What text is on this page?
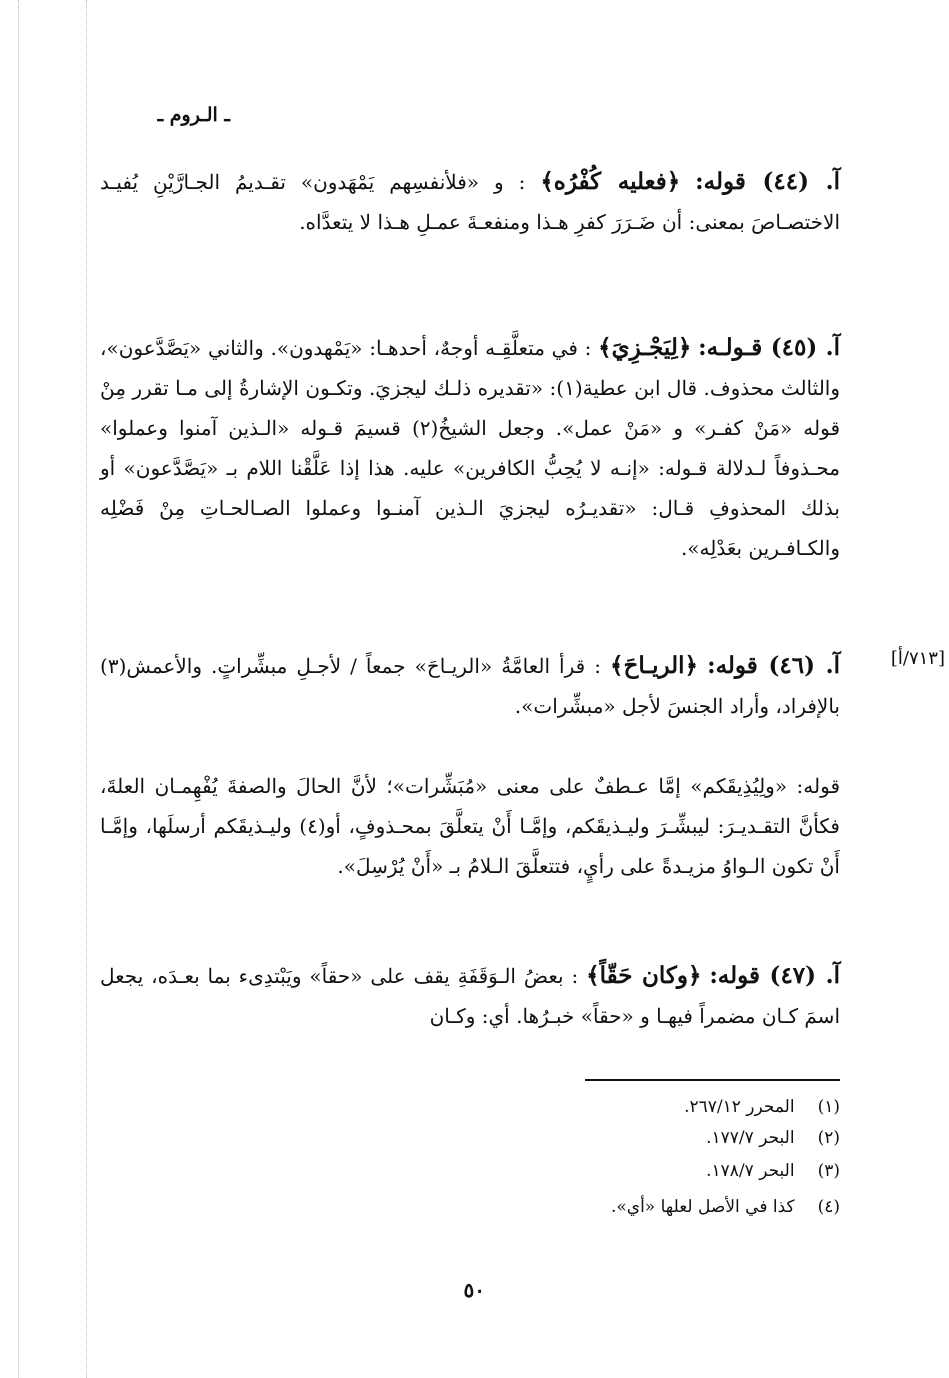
ـ الـروم ـ
آ. (٤٤) قوله: ﴿فعليه كُفْرُه﴾ : و «فلأنفسِهم يَمْهَدون» تقـديمُ الجـارَّيْنِ يُفيـد الاختصـاصَ بمعنى: أن ضَـرَرَ كفرِ هـذا ومنفعـةَ عمـلِ هـذا لا يتعدَّاه.
آ. (٤٥) قـولـه: ﴿لِيَجْـزِيَ﴾ : في متعلَّقِـه أوجهٌ، أحدهـا: «يَمْهدون». والثاني «يَصَّدَّعون»، والثالث محذوف. قال ابن عطية(١): «تقديره ذلـك ليجزيَ. وتكـون الإشارةُ إلى مـا تقرر مِنْ قوله «مَنْ كفـر» و «مَنْ عمل». وجعل الشيخُ(٢) قسيمَ قـوله «الـذين آمنوا وعملوا» محـذوفاً لـدلالة قـوله: «إنـه لا يُحِبُّ الكافرين» عليه. هذا إذا عَلَّقْنا اللام بـ «يَصَّدَّعون» أو بذلك المحذوفِ قـال: «تقديـرُه ليجزيَ الـذين آمنـوا وعملوا الصـالحـاتِ مِنْ فَضْلِه والكـافـرين بعَدْلِه».
[٧١٣/أ]
آ. (٤٦) قوله: ﴿الريـاحَ﴾ : قرأ العامَّةُ «الريـاحَ» جمعاً / لأجـلِ مبشِّراتٍ. والأعمش(٣) بالإفراد، وأراد الجنسَ لأجل «مبشِّرات».
قوله: «ولِيُذِيقَكم» إمَّا عـطفٌ على معنى «مُبَشِّرات»؛ لأنَّ الحالَ والصفةَ يُفْهِمـان العلةَ، فكأنَّ التقـديـرَ: ليبشِّـرَ وليـذيقَكم، وإمَّـا أَنْ يتعلَّقَ بمحـذوفٍ، أو(٤) وليـذيقَكم أرسلَها، وإمَّـا أَنْ تكون الـواوُ مزيـدةً على رأيٍ، فتتعلَّقَ الـلامُ بـ «أَنْ يُرْسِلَ».
آ. (٤٧) قوله: ﴿وكان حَقّاً﴾ : بعضُ الـوَقَفَةِ يقف على «حقاً» ويَبْتدِىء بما بعـدَه، يجعل اسمَ كـان مضمراً فيهـا و «حقاً» خبـرُها. أي: وكـان
(١) المحرر ٢٦٧/١٢.
(٢) البحر ١٧٧/٧.
(٣) البحر ١٧٨/٧.
(٤) كذا في الأصل لعلها «أي».
٥٠
